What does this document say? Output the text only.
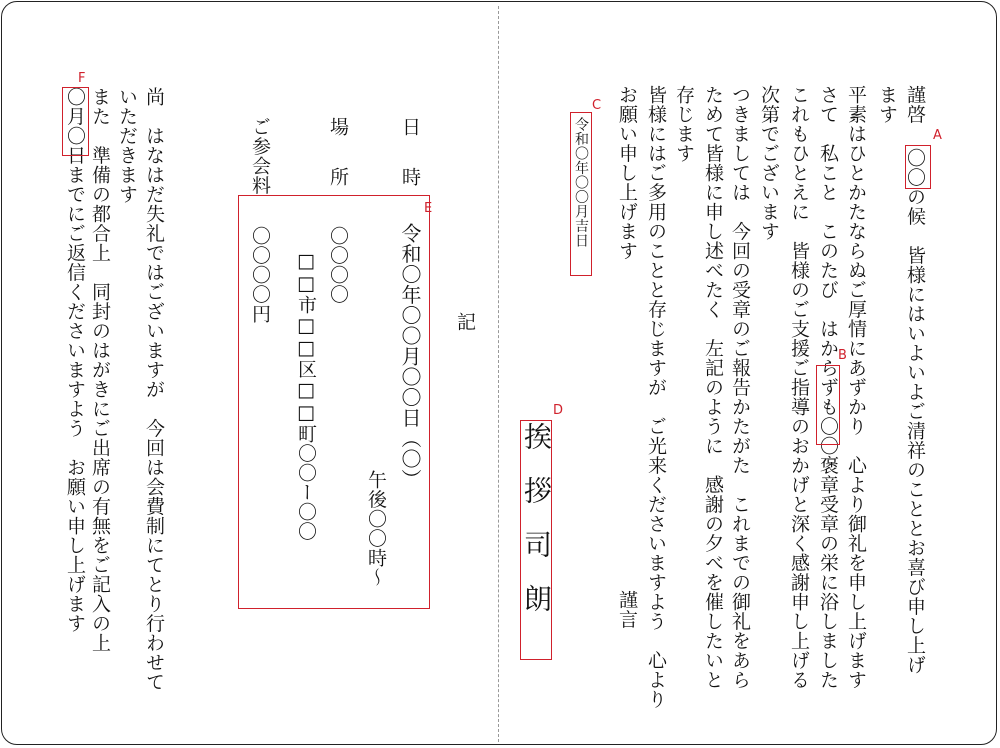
謹啓
〇〇の候　皆様にはいよいよご清祥のこととお喜び申し上げ
ます
平素はひとかたならぬご厚情にあずかり　心より御礼を申し上げます
さて　私こと　このたび　はからずも〇〇褒章受章の栄に浴しました
これもひとえに　皆様のご支援ご指導のおかげと深く感謝申し上げる
次第でございます
つきましては　今回の受章のご報告かたがた　これまでの御礼をあら
ためて皆様に申し述べたく　左記のように　感謝の夕べを催したいと
存じます
皆様にはご多用のことと存じますが　ご光来くださいますよう　心より
お願い申し上げます
謹言
令和〇年〇〇月吉日
挨拶司朗
記
日　時
場　所
ご参会料
令和〇年〇〇月〇〇日（〇）
午後〇〇時～
〇〇〇〇
□□市□□区□□町〇〇ー〇〇
〇〇〇〇円
尚　はなはだ失礼ではございますが　今回は会費制にてとり行わせて
いただきます
また　準備の都合上　同封のはがきにご出席の有無をご記入の上
〇月〇日までにご返信くださいますよう　お願い申し上げます	A
B
C
D
E
F
